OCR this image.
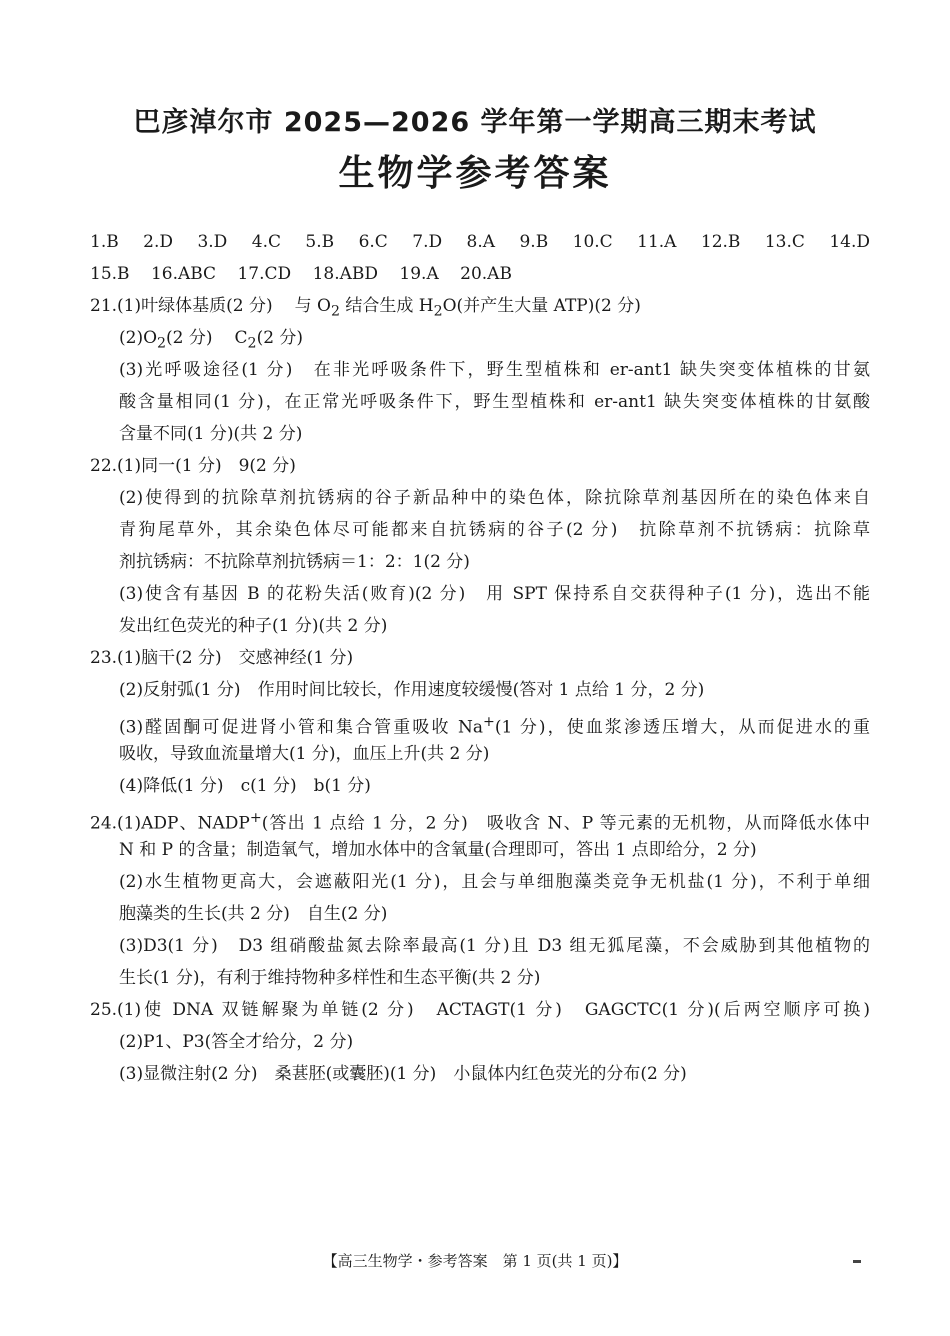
巴彦淖尔市 2025—2026 学年第一学期高三期末考试
生物学参考答案
1.B 2.D 3.D 4.C 5.B 6.C 7.D 8.A 9.B 10.C 11.A 12.B 13.C 14.D
15.B 16.ABC 17.CD 18.ABD 19.A 20.AB
21.(1)叶绿体基质(2 分) 与 $O_2$ 结合生成 $H_2O$(并产生大量 ATP)(2 分)
$(2)O_2(2$ 分) $C_2(2$ 分)
(3)光呼吸途径(1 分)　在非光呼吸条件下，野生型植株和 er-ant1 缺失突变体植株的甘氨
酸含量相同(1 分)，在正常光呼吸条件下，野生型植株和 er-ant1 缺失突变体植株的甘氨酸
含量不同(1 分)(共 2 分)
22.(1)同一(1 分)　9(2 分)
(2)使得到的抗除草剂抗锈病的谷子新品种中的染色体，除抗除草剂基因所在的染色体来自
青狗尾草外，其余染色体尽可能都来自抗锈病的谷子(2 分)　抗除草剂不抗锈病：抗除草
剂抗锈病：不抗除草剂抗锈病＝1：2：1(2 分)
(3)使含有基因 B 的花粉失活(败育)(2 分)　用 SPT 保持系自交获得种子(1 分)，选出不能
发出红色荧光的种子(1 分)(共 2 分)
23.(1)脑干(2 分)　交感神经(1 分)
(2)反射弧(1 分)　作用时间比较长，作用速度较缓慢(答对 1 点给 1 分，2 分)
(3)醛固酮可促进肾小管和集合管重吸收 Na+(1 分)，使血浆渗透压增大，从而促进水的重
吸收，导致血流量增大(1 分)，血压上升(共 2 分)
(4)降低(1 分)　c(1 分)　b(1 分)
24.(1)ADP、NADP+(答出 1 点给 1 分，2 分)　吸收含 N、P 等元素的无机物，从而降低水体中
N 和 P 的含量；制造氧气，增加水体中的含氧量(合理即可，答出 1 点即给分，2 分)
(2)水生植物更高大，会遮蔽阳光(1 分)，且会与单细胞藻类竞争无机盐(1 分)，不利于单细
胞藻类的生长(共 2 分)　自生(2 分)
(3)D3(1 分)　D3 组硝酸盐氮去除率最高(1 分)且 D3 组无狐尾藻，不会威胁到其他植物的
生长(1 分)，有利于维持物种多样性和生态平衡(共 2 分)
25.(1)使 DNA 双链解聚为单链(2 分)　ACTAGT(1 分)　GAGCTC(1 分)(后两空顺序可换)
(2)P1、P3(答全才给分，2 分)
(3)显微注射(2 分)　桑葚胚(或囊胚)(1 分)　小鼠体内红色荧光的分布(2 分)
【高三生物学・参考答案　第 1 页(共 1 页)】
